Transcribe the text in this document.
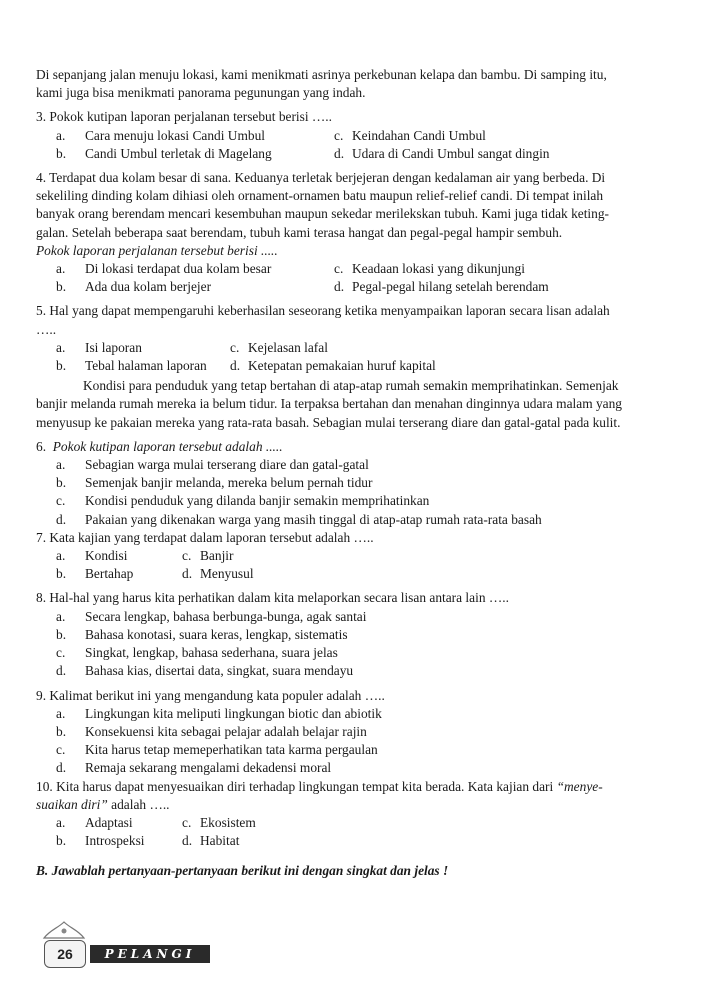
Di sepanjang jalan menuju lokasi, kami menikmati asrinya perkebunan kelapa dan bambu. Di samping itu,

kami juga bisa menikmati panorama pegunungan yang indah.

3. Pokok kutipan laporan perjalanan tersebut berisi …..

a.	Cara menuju lokasi Candi Umbul	c. Keindahan Candi Umbul
b.	Candi Umbul terletak di Magelang	d. Udara di Candi Umbul sangat dingin

4. Terdapat dua kolam besar di sana. Keduanya terletak berjejeran dengan kedalaman air yang berbeda. Di

sekeliling dinding kolam dihiasi oleh ornament-ornamen batu maupun relief-relief candi. Di tempat inilah

banyak orang berendam mencari kesembuhan maupun sekedar merilekskan tubuh. Kami juga tidak keting-

galan. Setelah beberapa saat berendam, tubuh kami terasa hangat dan pegal-pegal hampir sembuh.

Pokok laporan perjalanan tersebut berisi .....

a.	Di lokasi terdapat dua kolam besar	c. Keadaan lokasi yang dikunjungi
b.	Ada dua kolam berjejer	d. Pegal-pegal hilang setelah berendam

5. Hal yang dapat mempengaruhi keberhasilan seseorang ketika menyampaikan laporan secara lisan adalah

…..

a.	Isi laporan	c. Kejelasan lafal
b.	Tebal halaman laporan d. Ketepatan pemakaian huruf kapital

Kondisi para penduduk yang tetap bertahan di atap-atap rumah semakin memprihatinkan. Semenjak

banjir melanda rumah mereka ia belum tidur. Ia terpaksa bertahan dan menahan dinginnya udara malam yang

menyusup ke pakaian mereka yang rata-rata basah. Sebagian mulai terserang diare dan gatal-gatal pada kulit.

6. Pokok kutipan laporan tersebut adalah .....

a.	Sebagian warga mulai terserang diare dan gatal-gatal
b.	Semenjak banjir melanda, mereka belum pernah tidur
c.	Kondisi penduduk yang dilanda banjir semakin memprihatinkan
d.	Pakaian yang dikenakan warga yang masih tinggal di atap-atap rumah rata-rata basah

7. Kata kajian yang terdapat dalam laporan tersebut adalah …..

a.	Kondisi	c. Banjir
b.	Bertahap	d. Menyusul

8. Hal-hal yang harus kita perhatikan dalam kita melaporkan secara lisan antara lain …..

a.	Secara lengkap, bahasa berbunga-bunga, agak santai
b.	Bahasa konotasi, suara keras, lengkap, sistematis
c.	Singkat, lengkap, bahasa sederhana, suara jelas
d.	Bahasa kias, disertai data, singkat, suara mendayu

9. Kalimat berikut ini yang mengandung kata populer adalah …..

a.	Lingkungan kita meliputi lingkungan biotic dan abiotik
b.	Konsekuensi kita sebagai pelajar adalah belajar rajin
c.	Kita harus tetap memeperhatikan tata karma pergaulan
d.	Remaja sekarang mengalami dekadensi moral

10. Kita harus dapat menyesuaikan diri terhadap lingkungan tempat kita berada. Kata kajian dari “menye-

suaikan diri” adalah …..

a.	Adaptasi	c. Ekosistem
b.	Introspeksi	d. Habitat

B. Jawablah pertanyaan-pertanyaan berikut ini dengan singkat dan jelas !

26	PELANGI
